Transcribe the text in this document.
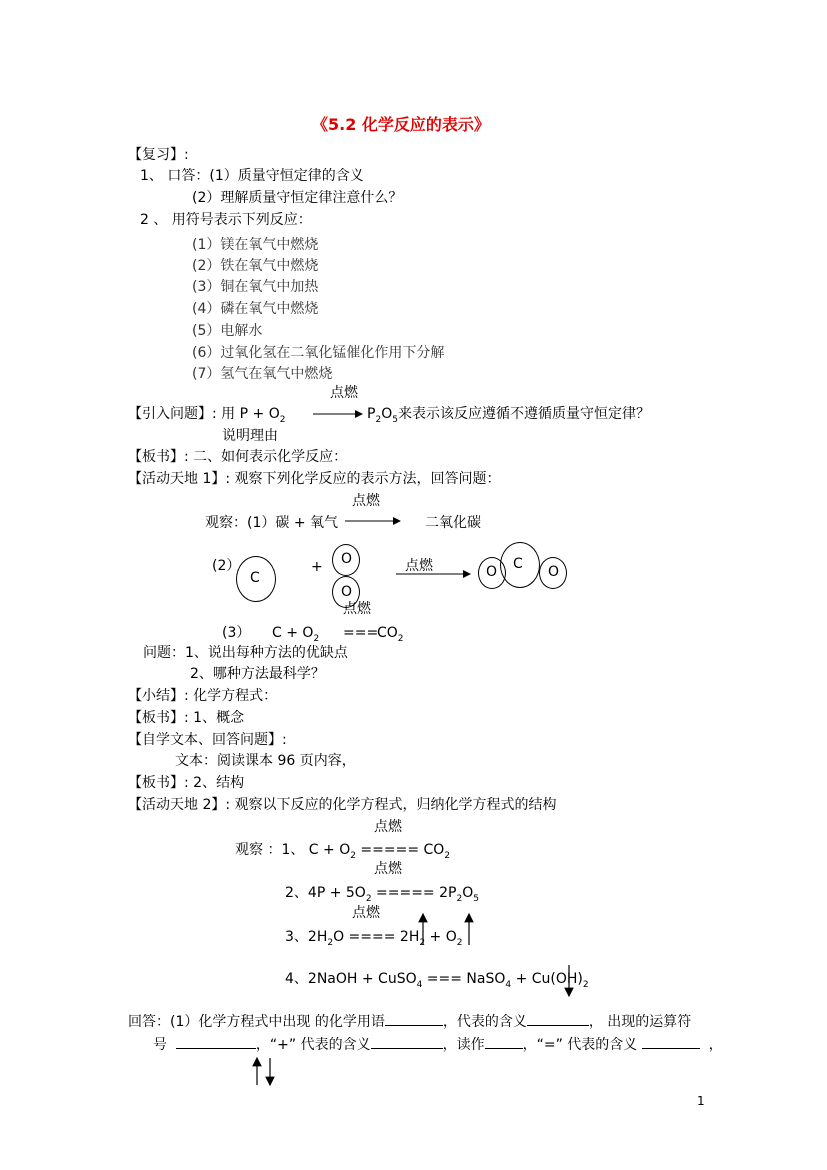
《5.2 化学反应的表示》
【复习】:
1、 口答：(1）质量守恒定律的含义
(2）理解质量守恒定律注意什么？
2 、 用符号表示下列反应：
(1）镁在氧气中燃烧
(2）铁在氧气中燃烧
(3）铜在氧气中加热
(4）磷在氧气中燃烧
(5）电解水
(6）过氧化氢在二氧化锰催化作用下分解
(7）氢气在氧气中燃烧
点燃
【引入问题】: 用 $P + O_2$	$P_2O_5$来表示该反应遵循不遵循质量守恒定律？
说明理由
【板书】: 二、如何表示化学反应：
【活动天地 1】: 观察下列化学反应的表示方法，回答问题：
点燃
观察：(1）碳 + 氧气	二氧化碳
(2）
C
+ O
O
点燃	O C O
点燃
(3） $C + O_2$ ===
$CO_2$
问题：1、说出每种方法的优缺点
2、哪种方法最科学？
【小结】: 化学方程式：
【板书】: 1、概念
【自学文本、回答问题】:
文本：阅读课本 96 页内容，
【板书】: 2、结构
【活动天地 2】: 观察以下反应的化学方程式，归纳化学方程式的结构
点燃
观察 ：1、 $C + O_2$ ===== $CO_2$
点燃
2、$4P + 5O_2$ ===== $2P_2O_5$
点燃
3、$2H_2O$ ==== $2H_2 + O_2$
4、2NaOH + CuSO$_4$ === NaSO$_4$ + $Cu(OH)_2$
回答：(1）化学方程式中出现 的化学用语	，代表的含义	， 出现的运算符
号	，“+” 代表的含义	，读作	，“=” 代表的含义	，
1
